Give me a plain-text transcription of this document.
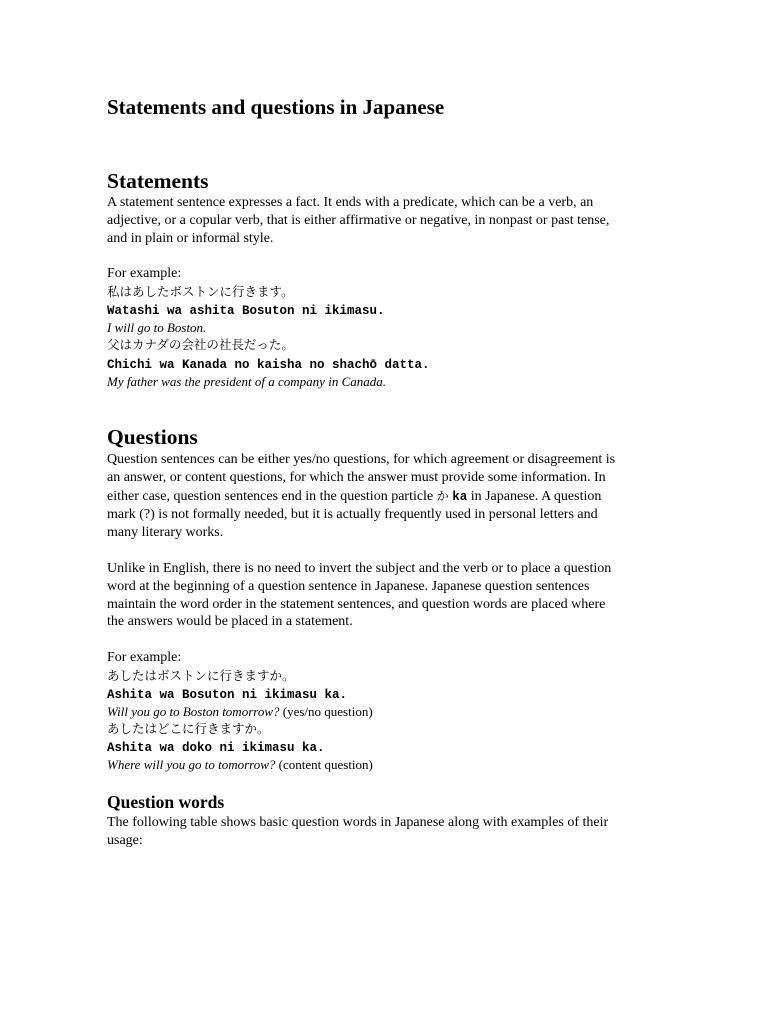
Statements and questions in Japanese
Statements
A statement sentence expresses a fact. It ends with a predicate, which can be a verb, an
adjective, or a copular verb, that is either affirmative or negative, in nonpast or past tense,
and in plain or informal style.
For example:
私はあしたボストンに行きます。
Watashi wa ashita Bosuton ni ikimasu.
I will go to Boston.
父はカナダの会社の社長だった。
Chichi wa Kanada no kaisha no shachō datta.
My father was the president of a company in Canada.
Questions
Question sentences can be either yes/no questions, for which agreement or disagreement is
an answer, or content questions, for which the answer must provide some information. In
either case, question sentences end in the question particle か ka in Japanese. A question
mark (?) is not formally needed, but it is actually frequently used in personal letters and
many literary works.
Unlike in English, there is no need to invert the subject and the verb or to place a question
word at the beginning of a question sentence in Japanese. Japanese question sentences
maintain the word order in the statement sentences, and question words are placed where
the answers would be placed in a statement.
For example:
あしたはボストンに行きますか。
Ashita wa Bosuton ni ikimasu ka.
Will you go to Boston tomorrow? (yes/no question)
あしたはどこに行きますか。
Ashita wa doko ni ikimasu ka.
Where will you go to tomorrow? (content question)
Question words
The following table shows basic question words in Japanese along with examples of their
usage:
